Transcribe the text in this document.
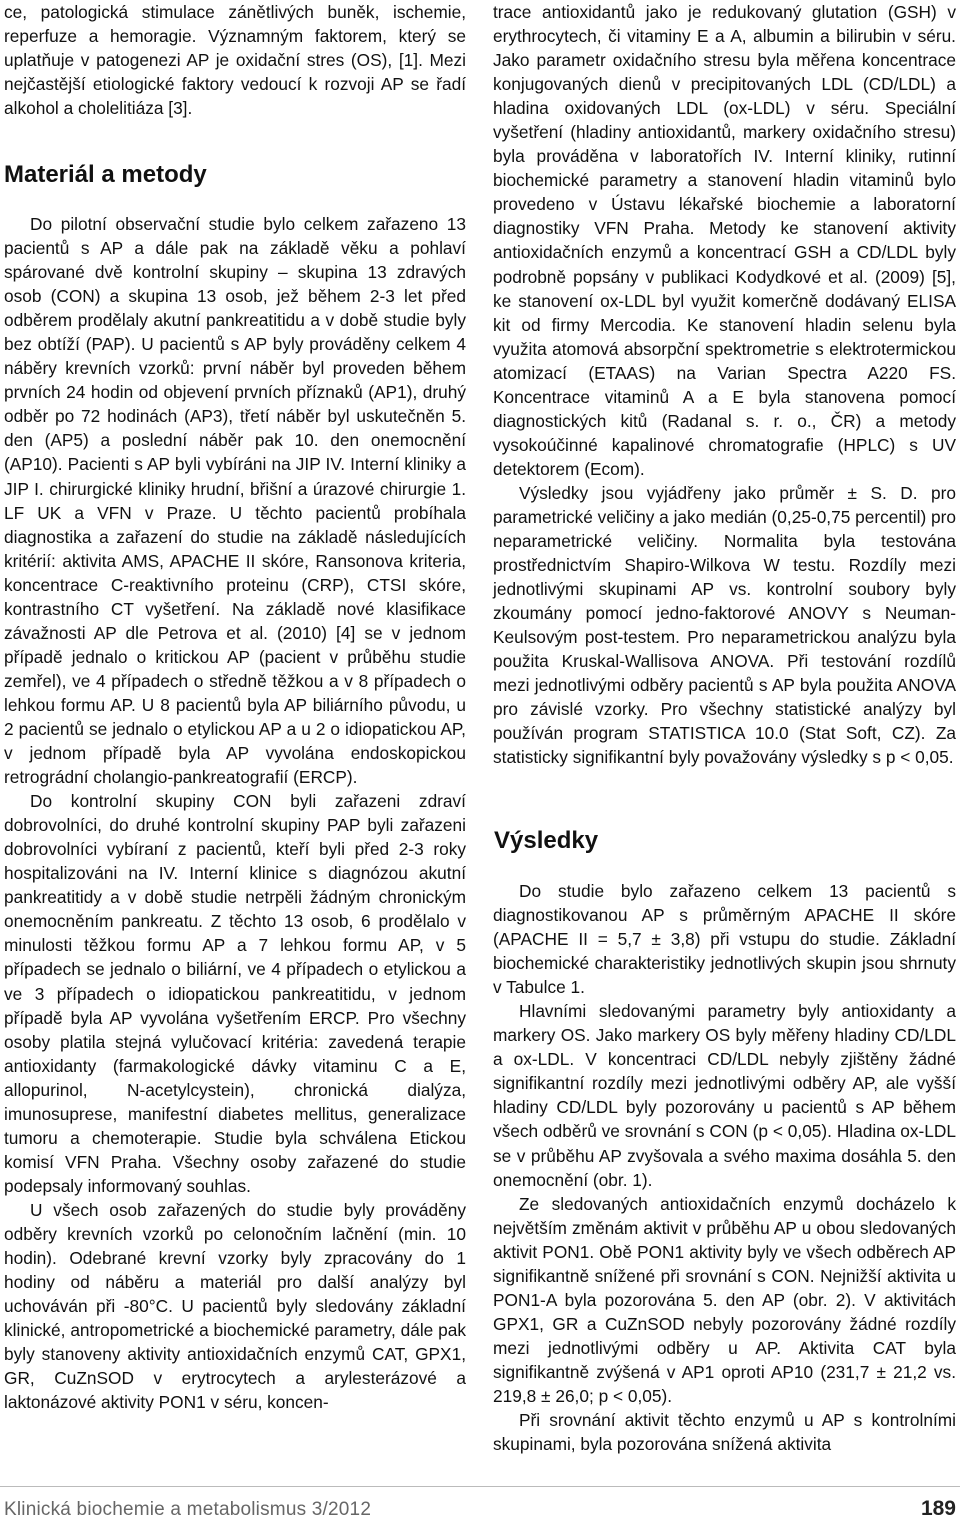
ce, patologická stimulace zánětlivých buněk, ischemie, reperfuze a hemoragie. Významným faktorem, který se uplatňuje v patogenezi AP je oxidační stres (OS), [1]. Mezi nejčastější etiologické faktory vedoucí k rozvoji AP se řadí alkohol a cholelitiáza [3].

Materiál a metody

Do pilotní observační studie bylo celkem zařazeno 13 pacientů s AP a dále pak na základě věku a pohlaví spárované dvě kontrolní skupiny – skupina 13 zdravých osob (CON) a skupina 13 osob, jež během 2-3 let před odběrem prodělaly akutní pankreatitidu a v době studie byly bez obtíží (PAP). U pacientů s AP byly prováděny celkem 4 náběry krevních vzorků: první náběr byl proveden během prvních 24 hodin od objevení prvních příznaků (AP1), druhý odběr po 72 hodinách (AP3), třetí náběr byl uskutečněn 5. den (AP5) a poslední náběr pak 10. den onemocnění (AP10). Pacienti s AP byli vybíráni na JIP IV. Interní kliniky a JIP I. chirurgické kliniky hrudní, břišní a úrazové chirurgie 1. LF UK a VFN v Praze. U těchto pacientů probíhala diagnostika a zařazení do studie na základě následujících kritérií: aktivita AMS, APACHE II skóre, Ransonova kriteria, koncentrace C-reaktivního proteinu (CRP), CTSI skóre, kontrastního CT vyšetření. Na základě nové klasifikace závažnosti AP dle Petrova et al. (2010) [4] se v jednom případě jednalo o kritickou AP (pacient v průběhu studie zemřel), ve 4 případech o středně těžkou a v 8 případech o lehkou formu AP. U 8 pacientů byla AP biliárního původu, u 2 pacientů se jednalo o etylickou AP a u 2 o idiopatickou AP, v jednom případě byla AP vyvolána endoskopickou retrográdní cholangio-pankreatografií (ERCP).

Do kontrolní skupiny CON byli zařazeni zdraví dobrovolníci, do druhé kontrolní skupiny PAP byli zařazeni dobrovolníci vybíraní z pacientů, kteří byli před 2-3 roky hospitalizováni na IV. Interní klinice s diagnózou akutní pankreatitidy a v době studie netrpěli žádným chronickým onemocněním pankreatu. Z těchto 13 osob, 6 prodělalo v minulosti těžkou formu AP a 7 lehkou formu AP, v 5 případech se jednalo o biliární, ve 4 případech o etylickou a ve 3 případech o idiopatickou pankreatitidu, v jednom případě byla AP vyvolána vyšetřením ERCP. Pro všechny osoby platila stejná vylučovací kritéria: zavedená terapie antioxidanty (farmakologické dávky vitaminu C a E, allopurinol, N-acetylcystein), chronická dialýza, imunosuprese, manifestní diabetes mellitus, generalizace tumoru a chemoterapie. Studie byla schválena Etickou komisí VFN Praha. Všechny osoby zařazené do studie podepsaly informovaný souhlas.

U všech osob zařazených do studie byly prováděny odběry krevních vzorků po celonočním lačnění (min. 10 hodin). Odebrané krevní vzorky byly zpracovány do 1 hodiny od náběru a materiál pro další analýzy byl uchováván při -80°C. U pacientů byly sledovány základní klinické, antropometrické a biochemické parametry, dále pak byly stanoveny aktivity antioxidačních enzymů CAT, GPX1, GR, CuZnSOD v erytrocytech a arylesterázové a laktonázové aktivity PON1 v séru, koncen-

trace antioxidantů jako je redukovaný glutation (GSH) v erythrocytech, či vitaminy E a A, albumin a bilirubin v séru. Jako parametr oxidačního stresu byla měřena koncentrace konjugovaných dienů v precipitovaných LDL (CD/LDL) a hladina oxidovaných LDL (ox-LDL) v séru. Speciální vyšetření (hladiny antioxidantů, markery oxidačního stresu) byla prováděna v laboratořích IV. Interní kliniky, rutinní biochemické parametry a stanovení hladin vitaminů bylo provedeno v Ústavu lékařské biochemie a laboratorní diagnostiky VFN Praha. Metody ke stanovení aktivity antioxidačních enzymů a koncentrací GSH a CD/LDL byly podrobně popsány v publikaci Kodydkové et al. (2009) [5], ke stanovení ox-LDL byl využit komerčně dodávaný ELISA kit od firmy Mercodia. Ke stanovení hladin selenu byla využita atomová absorpční spektrometrie s elektrotermickou atomizací (ETAAS) na Varian Spectra A220 FS. Koncentrace vitaminů A a E byla stanovena pomocí diagnostických kitů (Radanal s. r. o., ČR) a metody vysokoúčinné kapalinové chromatografie (HPLC) s UV detektorem (Ecom).

Výsledky jsou vyjádřeny jako průměr ± S. D. pro parametrické veličiny a jako medián (0,25-0,75 percentil) pro neparametrické veličiny. Normalita byla testována prostřednictvím Shapiro-Wilkova W testu. Rozdíly mezi jednotlivými skupinami AP vs. kontrolní soubory byly zkoumány pomocí jedno-faktorové ANOVY s Neuman-Keulsovým post-testem. Pro neparametrickou analýzu byla použita Kruskal-Wallisova ANOVA. Při testování rozdílů mezi jednotlivými odběry pacientů s AP byla použita ANOVA pro závislé vzorky. Pro všechny statistické analýzy byl používán program STATISTICA 10.0 (Stat Soft, CZ). Za statisticky signifikantní byly považovány výsledky s p < 0,05.

Výsledky

Do studie bylo zařazeno celkem 13 pacientů s diagnostikovanou AP s průměrným APACHE II skóre (APACHE II = 5,7 ± 3,8) při vstupu do studie. Základní biochemické charakteristiky jednotlivých skupin jsou shrnuty v Tabulce 1.

Hlavními sledovanými parametry byly antioxidanty a markery OS. Jako markery OS byly měřeny hladiny CD/LDL a ox-LDL. V koncentraci CD/LDL nebyly zjištěny žádné signifikantní rozdíly mezi jednotlivými odběry AP, ale vyšší hladiny CD/LDL byly pozorovány u pacientů s AP během všech odběrů ve srovnání s CON (p < 0,05). Hladina ox-LDL se v průběhu AP zvyšovala a svého maxima dosáhla 5. den onemocnění (obr. 1).

Ze sledovaných antioxidačních enzymů docházelo k největším změnám aktivit v průběhu AP u obou sledovaných aktivit PON1. Obě PON1 aktivity byly ve všech odběrech AP signifikantně snížené při srovnání s CON. Nejnižší aktivita u PON1-A byla pozorována 5. den AP (obr. 2). V aktivitách GPX1, GR a CuZnSOD nebyly pozorovány žádné rozdíly mezi jednotlivými odběry u AP. Aktivita CAT byla signifikantně zvýšená v AP1 oproti AP10 (231,7 ± 21,2 vs. 219,8 ± 26,0; p < 0,05).

Při srovnání aktivit těchto enzymů u AP s kontrolními skupinami, byla pozorována snížená aktivita

Klinická biochemie a metabolismus 3/2012	189
